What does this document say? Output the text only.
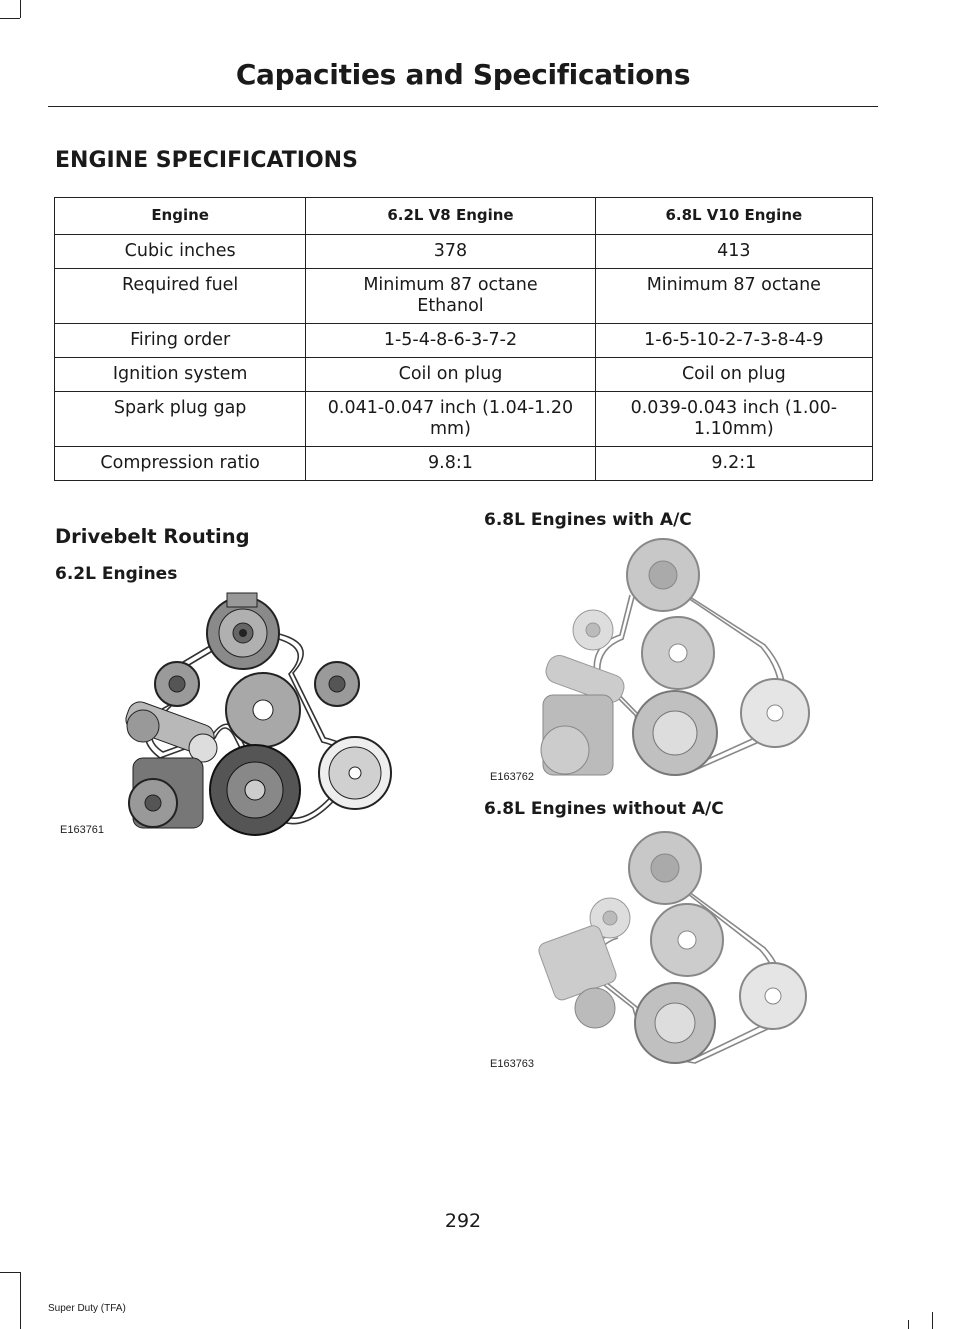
Capacities and Specifications
ENGINE SPECIFICATIONS
Engine	6.2L V8 Engine	6.8L V10 Engine
Cubic inches	378	413
Required fuel	Minimum 87 octane Ethanol	Minimum 87 octane
Firing order	1-5-4-8-6-3-7-2	1-6-5-10-2-7-3-8-4-9
Ignition system	Coil on plug	Coil on plug
Spark plug gap	0.041-0.047 inch (1.04-1.20 mm)	0.039-0.043 inch (1.00-1.10mm)
Compression ratio	9.8:1	9.2:1
Drivebelt Routing
6.2L Engines
6.8L Engines with A/C
6.8L Engines without A/C
E163761
E163762
E163763
292
Super Duty (TFA)
